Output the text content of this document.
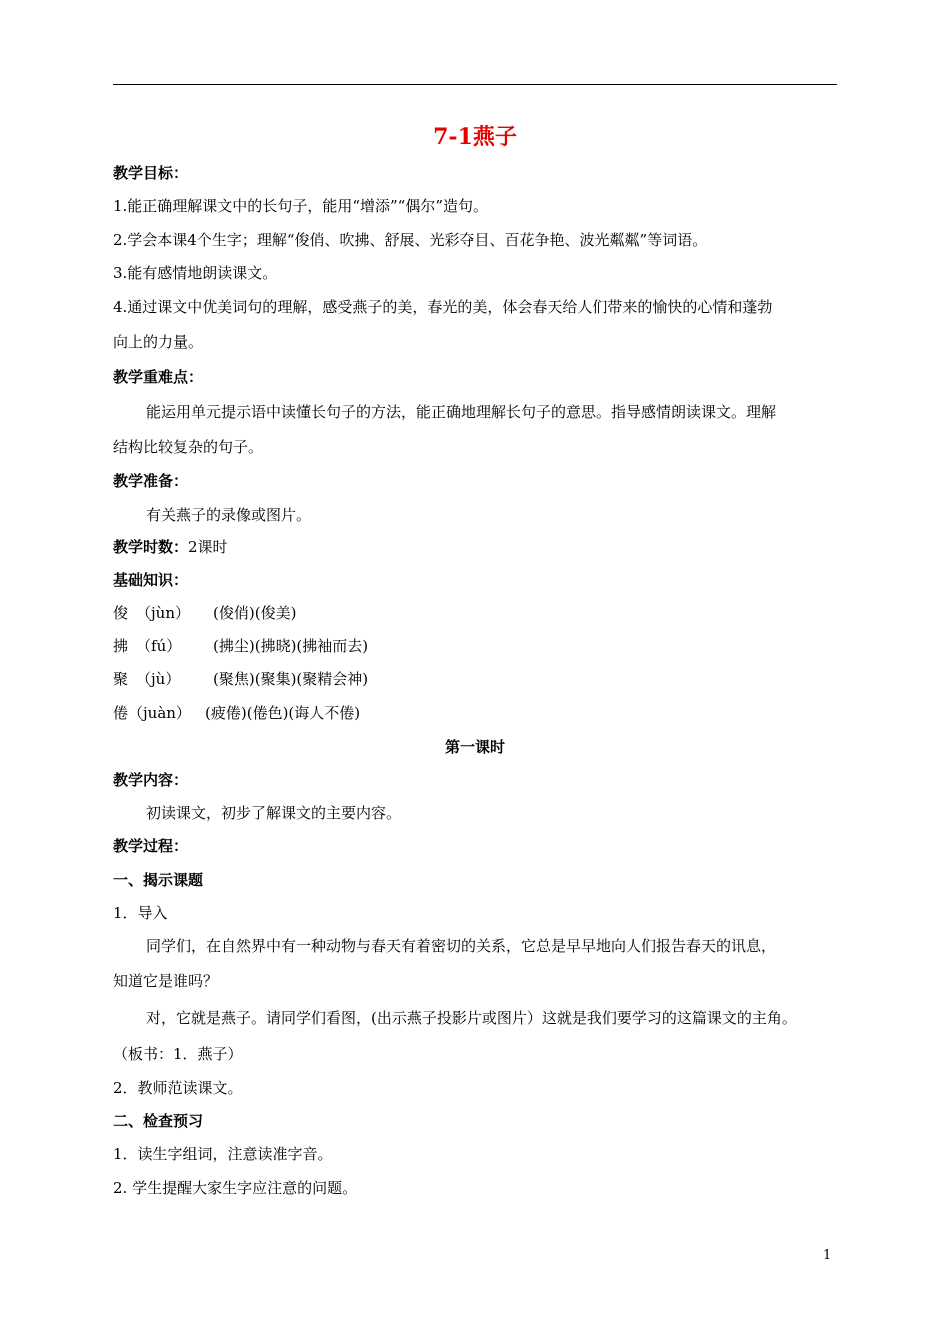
7-1燕子
教学目标：
1.能正确理解课文中的长句子，能用“增添”“偶尔”造句。
2.学会本课4个生字；理解“俊俏、吹拂、舒展、光彩夺目、百花争艳、波光粼粼”等词语。
3.能有感情地朗读课文。
4.通过课文中优美词句的理解，感受燕子的美，春光的美，体会春天给人们带来的愉快的心情和蓬勃
向上的力量。
教学重难点：
能运用单元提示语中读懂长句子的方法，能正确地理解长句子的意思。指导感情朗读课文。理解
结构比较复杂的句子。
教学准备：
有关燕子的录像或图片。
教学时数：2课时
基础知识：
俊 （jùn） (俊俏)(俊美)
拂 （fú） (拂尘)(拂晓)(拂袖而去)
聚 （jù） (聚焦)(聚集)(聚精会神)
倦（juàn） (疲倦)(倦色)(诲人不倦)
第一课时
教学内容：
初读课文，初步了解课文的主要内容。
教学过程：
一、揭示课题
1．导入
同学们，在自然界中有一种动物与春天有着密切的关系，它总是早早地向人们报告春天的讯息，
知道它是谁吗？
对，它就是燕子。请同学们看图，(出示燕子投影片或图片）这就是我们要学习的这篇课文的主角。
（板书：1．燕子）
2．教师范读课文。
二、检查预习
1．读生字组词，注意读准字音。
2. 学生提醒大家生字应注意的问题。
1
